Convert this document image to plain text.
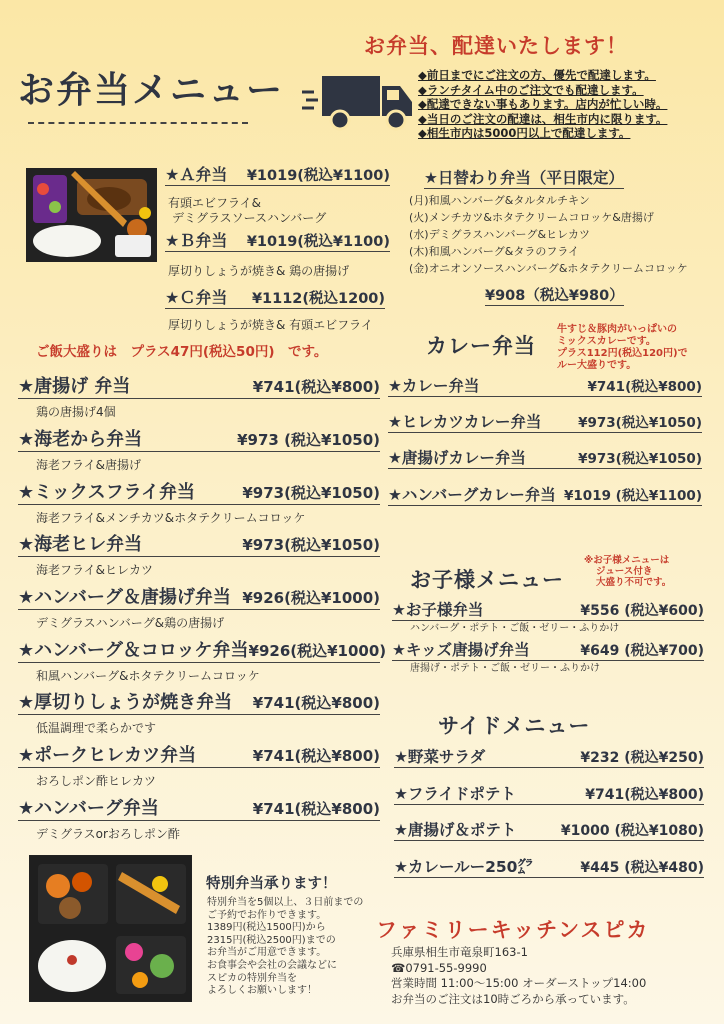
お弁当メニュー
お弁当、配達いたします！
◆前日までにご注文の方、優先で配達します。
◆ランチタイム中のご注文でも配達します。
◆配達できない事もあります。店内が忙しい時。
◆当日のご注文の配達は、相生市内に限ります。
◆相生市内は5000円以上で配達します。
★Ａ弁当 ¥1019(税込¥1100)
有頭エビフライ&
デミグラスソースハンバーグ
★Ｂ弁当 ¥1019(税込¥1100)
厚切りしょうが焼き& 鶏の唐揚げ
★Ｃ弁当 ¥1112(税込1200)
厚切りしょうが焼き& 有頭エビフライ
★日替わり弁当（平日限定）
(月)和風ハンバーグ&タルタルチキン
(火)メンチカツ&ホタテクリームコロッケ&唐揚げ
(水)デミグラスハンバーグ&ヒレカツ
(木)和風ハンバーグ&タラのフライ
(金)オニオンソースハンバーグ&ホタテクリームコロッケ
¥908（税込¥980）
ご飯大盛りは　プラス47円(税込50円)　です。	カレー弁当
牛すじ＆豚肉がいっぱいの
ミックスカレーです。
プラス112円(税込120円)で
ルー大盛りです。
★カレー弁当	¥741(税込¥800)
★ヒレカツカレー弁当	¥973(税込¥1050)
★唐揚げカレー弁当	¥973(税込¥1050)
★ハンバーグカレー弁当 ¥1019 (税込¥1100)
★唐揚げ 弁当	¥741(税込¥800)
鶏の唐揚げ4個
★海老から弁当	¥973 (税込¥1050)
海老フライ&唐揚げ
★ミックスフライ弁当	¥973(税込¥1050)
海老フライ&メンチカツ&ホタテクリームコロッケ
★海老ヒレ弁当	¥973(税込¥1050)
海老フライ&ヒレカツ
★ハンバーグ＆唐揚げ弁当 ¥926(税込¥1000)
デミグラスハンバーグ&鶏の唐揚げ
★ハンバーグ＆コロッケ弁当 ¥926(税込¥1000)
和風ハンバーグ&ホタテクリームコロッケ
★厚切りしょうが焼き弁当 ¥741(税込¥800)
低温調理で柔らかです
★ポークヒレカツ弁当	¥741(税込¥800)
おろしポン酢ヒレカツ
★ハンバーグ弁当	¥741(税込¥800)
デミグラスorおろしポン酢
お子様メニュー
※お子様メニューは
ジュース付き
大盛り不可です。
★お子様弁当	¥556 (税込¥600)
ハンバーグ・ポテト・ご飯・ゼリー・ふりかけ
★キッズ唐揚げ弁当	¥649 (税込¥700)
唐揚げ・ポテト・ご飯・ゼリー・ふりかけ
サイドメニュー
★野菜サラダ	¥232 (税込¥250)
★フライドポテト	¥741(税込¥800)
★唐揚げ＆ポテト	¥1000 (税込¥1080)
★カレールー250㌘	¥445 (税込¥480)
特別弁当承ります！
特別弁当を5個以上、３日前までの
ご予約でお作りできます。
1389円(税込1500円)から
2315円(税込2500円)までの
お弁当がご用意できます。
お食事会や会社の会議などに
スピカの特別弁当を
よろしくお願いします！
ファミリーキッチンスピカ
兵庫県相生市竜泉町163-1
☎0791-55-9990
営業時間 11:00～15:00 オーダーストップ14:00
お弁当のご注文は10時ごろから承っています。
